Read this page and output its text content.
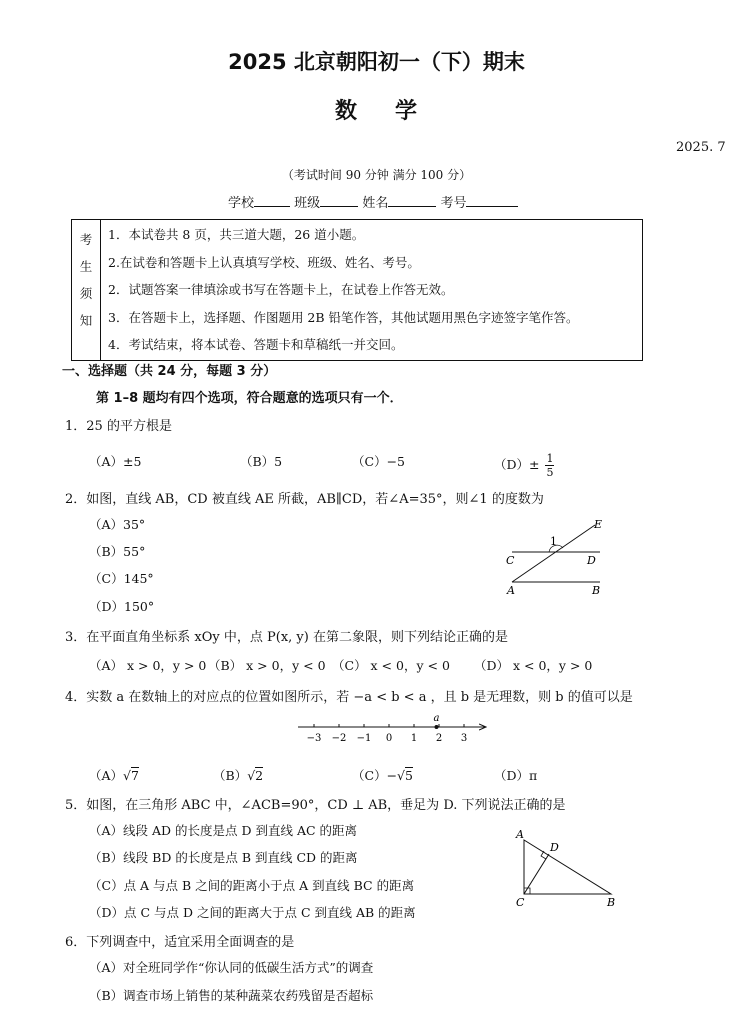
2025 北京朝阳初一（下）期末
数学
2025. 7
（考试时间 90 分钟 满分 100 分）
学校	班级	姓名	考号
考
生
须
知

1．本试卷共 8 页，共三道大题，26 道小题。
2.在试卷和答题卡上认真填写学校、班级、姓名、考号。
2．试题答案一律填涂或书写在答题卡上，在试卷上作答无效。
3．在答题卡上，选择题、作图题用 2B 铅笔作答，其他试题用黑色字迹签字笔作答。
4．考试结束，将本试卷、答题卡和草稿纸一并交回。
一、选择题（共 24 分，每题 3 分）
第 1–8 题均有四个选项，符合题意的选项只有一个．
1．25 的平方根是
（A）±5	（B）5	（C）−5	$(D)\pm \frac{1}{5}$
2．如图，直线 AB，CD 被直线 AE 所截，AB∥CD，若∠A=35°，则∠1 的度数为
（A）35°
（B）55°
（C）145°
（D）150°
E
1
C	D
A	B
3．在平面直角坐标系 xOy 中，点 P(x, y) 在第二象限，则下列结论正确的是
（A） x > 0，y > 0 （B） x > 0，y < 0 （C） x < 0，y < 0 （D） x < 0，y > 0
4．实数 a 在数轴上的对应点的位置如图所示，若 −a < b < a ，且 b 是无理数，则 b 的值可以是
−3 −2 −1 0 1 2 3
a
（A）√7	（B）√2	（C）−√5	（D）π
5．如图，在三角形 ABC 中，∠ACB=90°，CD ⊥ AB，垂足为 D. 下列说法正确的是
（A）线段 AD 的长度是点 D 到直线 AC 的距离
（B）线段 BD 的长度是点 B 到直线 CD 的距离
（C）点 A 与点 B 之间的距离小于点 A 到直线 BC 的距离
（D）点 C 与点 D 之间的距离大于点 C 到直线 AB 的距离
A
D
C	B
6．下列调查中，适宜采用全面调查的是
（A）对全班同学作“你认同的低碳生活方式”的调查
（B）调查市场上销售的某种蔬菜农药残留是否超标
